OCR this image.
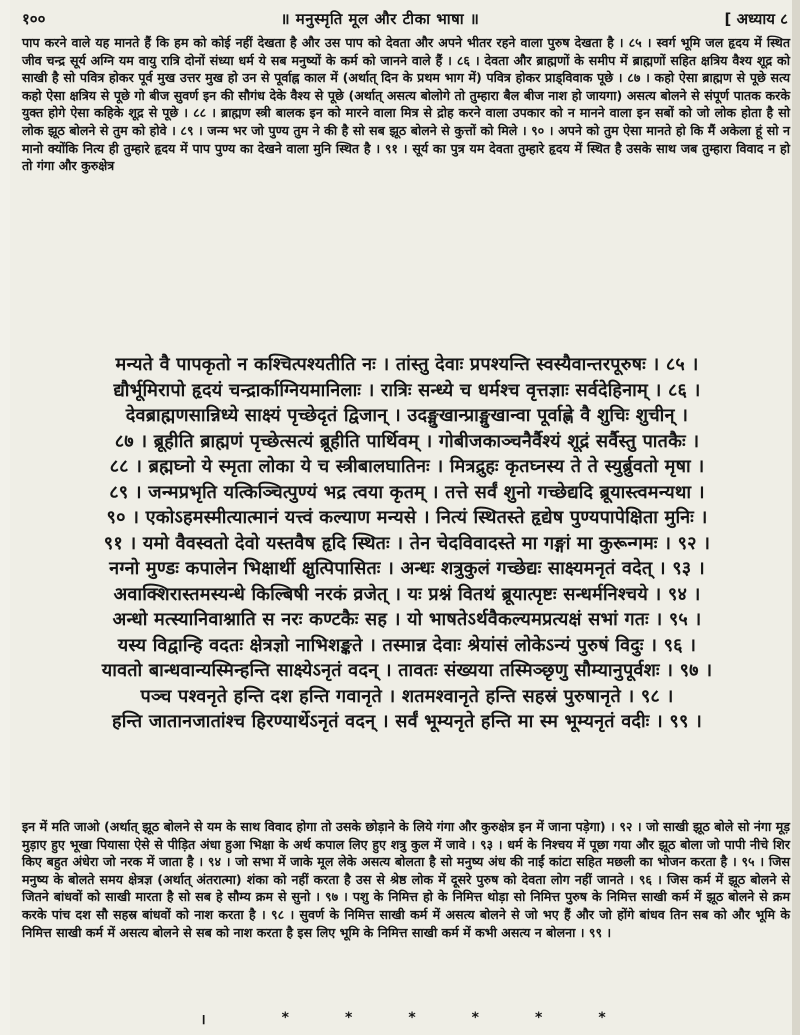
१००	॥ मनुस्मृति मूल और टीका भाषा ॥	[ अध्याय ८
पाप करने वाले यह मानते हैं कि हम को कोई नहीं देखता है और उस पाप को देवता और अपने भीतर रहने वाला पुरुष देखता है । ८५ । स्वर्ग भूमि जल हृदय में स्थित जीव चन्द्र सूर्य अग्नि यम वायु रात्रि दोनों संध्या धर्म ये सब मनुष्यों के कर्म को जानने वाले हैं । ८६ । देवता और ब्राह्मणों के समीप में ब्राह्मणों सहित क्षत्रिय वैश्य शूद्र को साखी है सो पवित्र होकर पूर्व मुख उत्तर मुख हो उन से पूर्वाह्न काल में (अर्थात् दिन के प्रथम भाग में) पवित्र होकर प्राड्विवाक पूछे । ८७ । कहो ऐसा ब्राह्मण से पूछे सत्य कहो ऐसा क्षत्रिय से पूछे गो बीज सुवर्ण इन की सौगंध देके वैश्य से पूछे (अर्थात् असत्य बोलोगे तो तुम्हारा बैल बीज नाश हो जायगा) असत्य बोलने से संपूर्ण पातक करके युक्त होगे ऐसा कहिके शूद्र से पूछे । ८८ । ब्राह्मण स्त्री बालक इन को मारने वाला मित्र से द्रोह करने वाला उपकार को न मानने वाला इन सबों को जो लोक होता है सो लोक झूठ बोलने से तुम को होवे । ८९ । जन्म भर जो पुण्य तुम ने की है सो सब झूठ बोलने से कुत्तों को मिले । ९० । अपने को तुम ऐसा मानते हो कि मैं अकेला हूं सो न मानो क्योंकि नित्य ही तुम्हारे हृदय में पाप पुण्य का देखने वाला मुनि स्थित है । ९१ । सूर्य का पुत्र यम देवता तुम्हारे हृदय में स्थित है उसके साथ जब तुम्हारा विवाद न हो तो गंगा और कुरुक्षेत्र
मन्यते वै पापकृतो न कश्चित्पश्यतीति नः । तांस्तु देवाः प्रपश्यन्ति स्वस्यैवान्तरपूरुषः । ८५ ।
द्यौर्भूमिरापो हृदयं चन्द्रार्काग्नियमानिलाः । रात्रिः सन्ध्ये च धर्मश्च वृत्तज्ञाः सर्वदेहिनाम् । ८६ ।
देवब्राह्मणसान्निध्ये साक्ष्यं पृच्छेदृतं द्विजान् । उदङ्मुखान्प्राङ्मुखान्वा पूर्वाह्णे वै शुचिः शुचीन् ।
८७ । ब्रूहीति ब्राह्मणं पृच्छेत्सत्यं ब्रूहीति पार्थिवम् । गोबीजकाञ्चनैर्वैश्यं शूद्रं सर्वैस्तु पातकैः ।
८८ । ब्रह्मघ्नो ये स्मृता लोका ये च स्त्रीबालघातिनः । मित्रद्रुहः कृतघ्नस्य ते ते स्युर्ब्रुवतो मृषा ।
८९ । जन्मप्रभृति यत्किञ्चित्पुण्यं भद्र त्वया कृतम् । तत्ते सर्वं शुनो गच्छेद्यदि ब्रूयास्त्वमन्यथा ।
९० । एकोऽहमस्मीत्यात्मानं यत्त्वं कल्याण मन्यसे । नित्यं स्थितस्ते हृद्येष पुण्यपापेक्षिता मुनिः ।
९१ । यमो वैवस्वतो देवो यस्तवैष हृदि स्थितः । तेन चेदविवादस्ते मा गङ्गां मा कुरून्गमः । ९२ ।
नग्नो मुण्डः कपालेन भिक्षार्थी क्षुत्पिपासितः । अन्धः शत्रुकुलं गच्छेद्यः साक्ष्यमनृतं वदेत् । ९३ ।
अवाक्शिरास्तमस्यन्धे किल्बिषी नरकं व्रजेत् । यः प्रश्नं वितथं ब्रूयात्पृष्टः सन्धर्मनिश्चये । ९४ ।
अन्धो मत्स्यानिवाश्नाति स नरः कण्टकैः सह । यो भाषतेऽर्थवैकल्यमप्रत्यक्षं सभां गतः । ९५ ।
यस्य विद्वान्हि वदतः क्षेत्रज्ञो नाभिशङ्कते । तस्मान्न देवाः श्रेयांसं लोकेऽन्यं पुरुषं विदुः । ९६ ।
यावतो बान्धवान्यस्मिन्हन्ति साक्ष्येऽनृतं वदन् । तावतः संख्यया तस्मिञ्छृणु सौम्यानुपूर्वशः । ९७ ।
पञ्च पश्वनृते हन्ति दश हन्ति गवानृते । शतमश्वानृते हन्ति सहस्रं पुरुषानृते । ९८ ।
हन्ति जातानजातांश्च हिरण्यार्थेऽनृतं वदन् । सर्वं भूम्यनृते हन्ति मा स्म भूम्यनृतं वदीः । ९९ ।
इन में मति जाओ (अर्थात् झूठ बोलने से यम के साथ विवाद होगा तो उसके छोड़ाने के लिये गंगा और कुरुक्षेत्र इन में जाना पड़ेगा) । ९२ । जो साखी झूठ बोले सो नंगा मूड़ मुड़ाए हुए भूखा पियासा ऐसे से पीड़ित अंधा हुआ भिक्षा के अर्थ कपाल लिए हुए शत्रु कुल में जावे । ९३ । धर्म के निश्चय में पूछा गया और झूठ बोला जो पापी नीचे शिर किए बहुत अंधेरा जो नरक में जाता है । ९४ । जो सभा में जाके मूल लेके असत्य बोलता है सो मनुष्य अंध की नाईं कांटा सहित मछली का भोजन करता है । ९५ । जिस मनुष्य के बोलते समय क्षेत्रज्ञ (अर्थात् अंतरात्मा) शंका को नहीं करता है उस से श्रेष्ठ लोक में दूसरे पुरुष को देवता लोग नहीं जानते । ९६ । जिस कर्म में झूठ बोलने से जितने बांधवों को साखी मारता है सो सब हे सौम्य क्रम से सुनो । ९७ । पशु के निमित्त हो के निमित्त थोड़ा सो निमित्त पुरुष के निमित्त साखी कर्म में झूठ बोलने से क्रम करके पांच दश सौ सहस्र बांधवों को नाश करता है । ९८ । सुवर्ण के निमित्त साखी कर्म में असत्य बोलने से जो भए हैं और जो होंगे बांधव तिन सब को और भूमि के निमित्त साखी कर्म में असत्य बोलने से सब को नाश करता है इस लिए भूमि के निमित्त साखी कर्म में कभी असत्य न बोलना । ९९ ।
।	*	*	*	*	*	*
